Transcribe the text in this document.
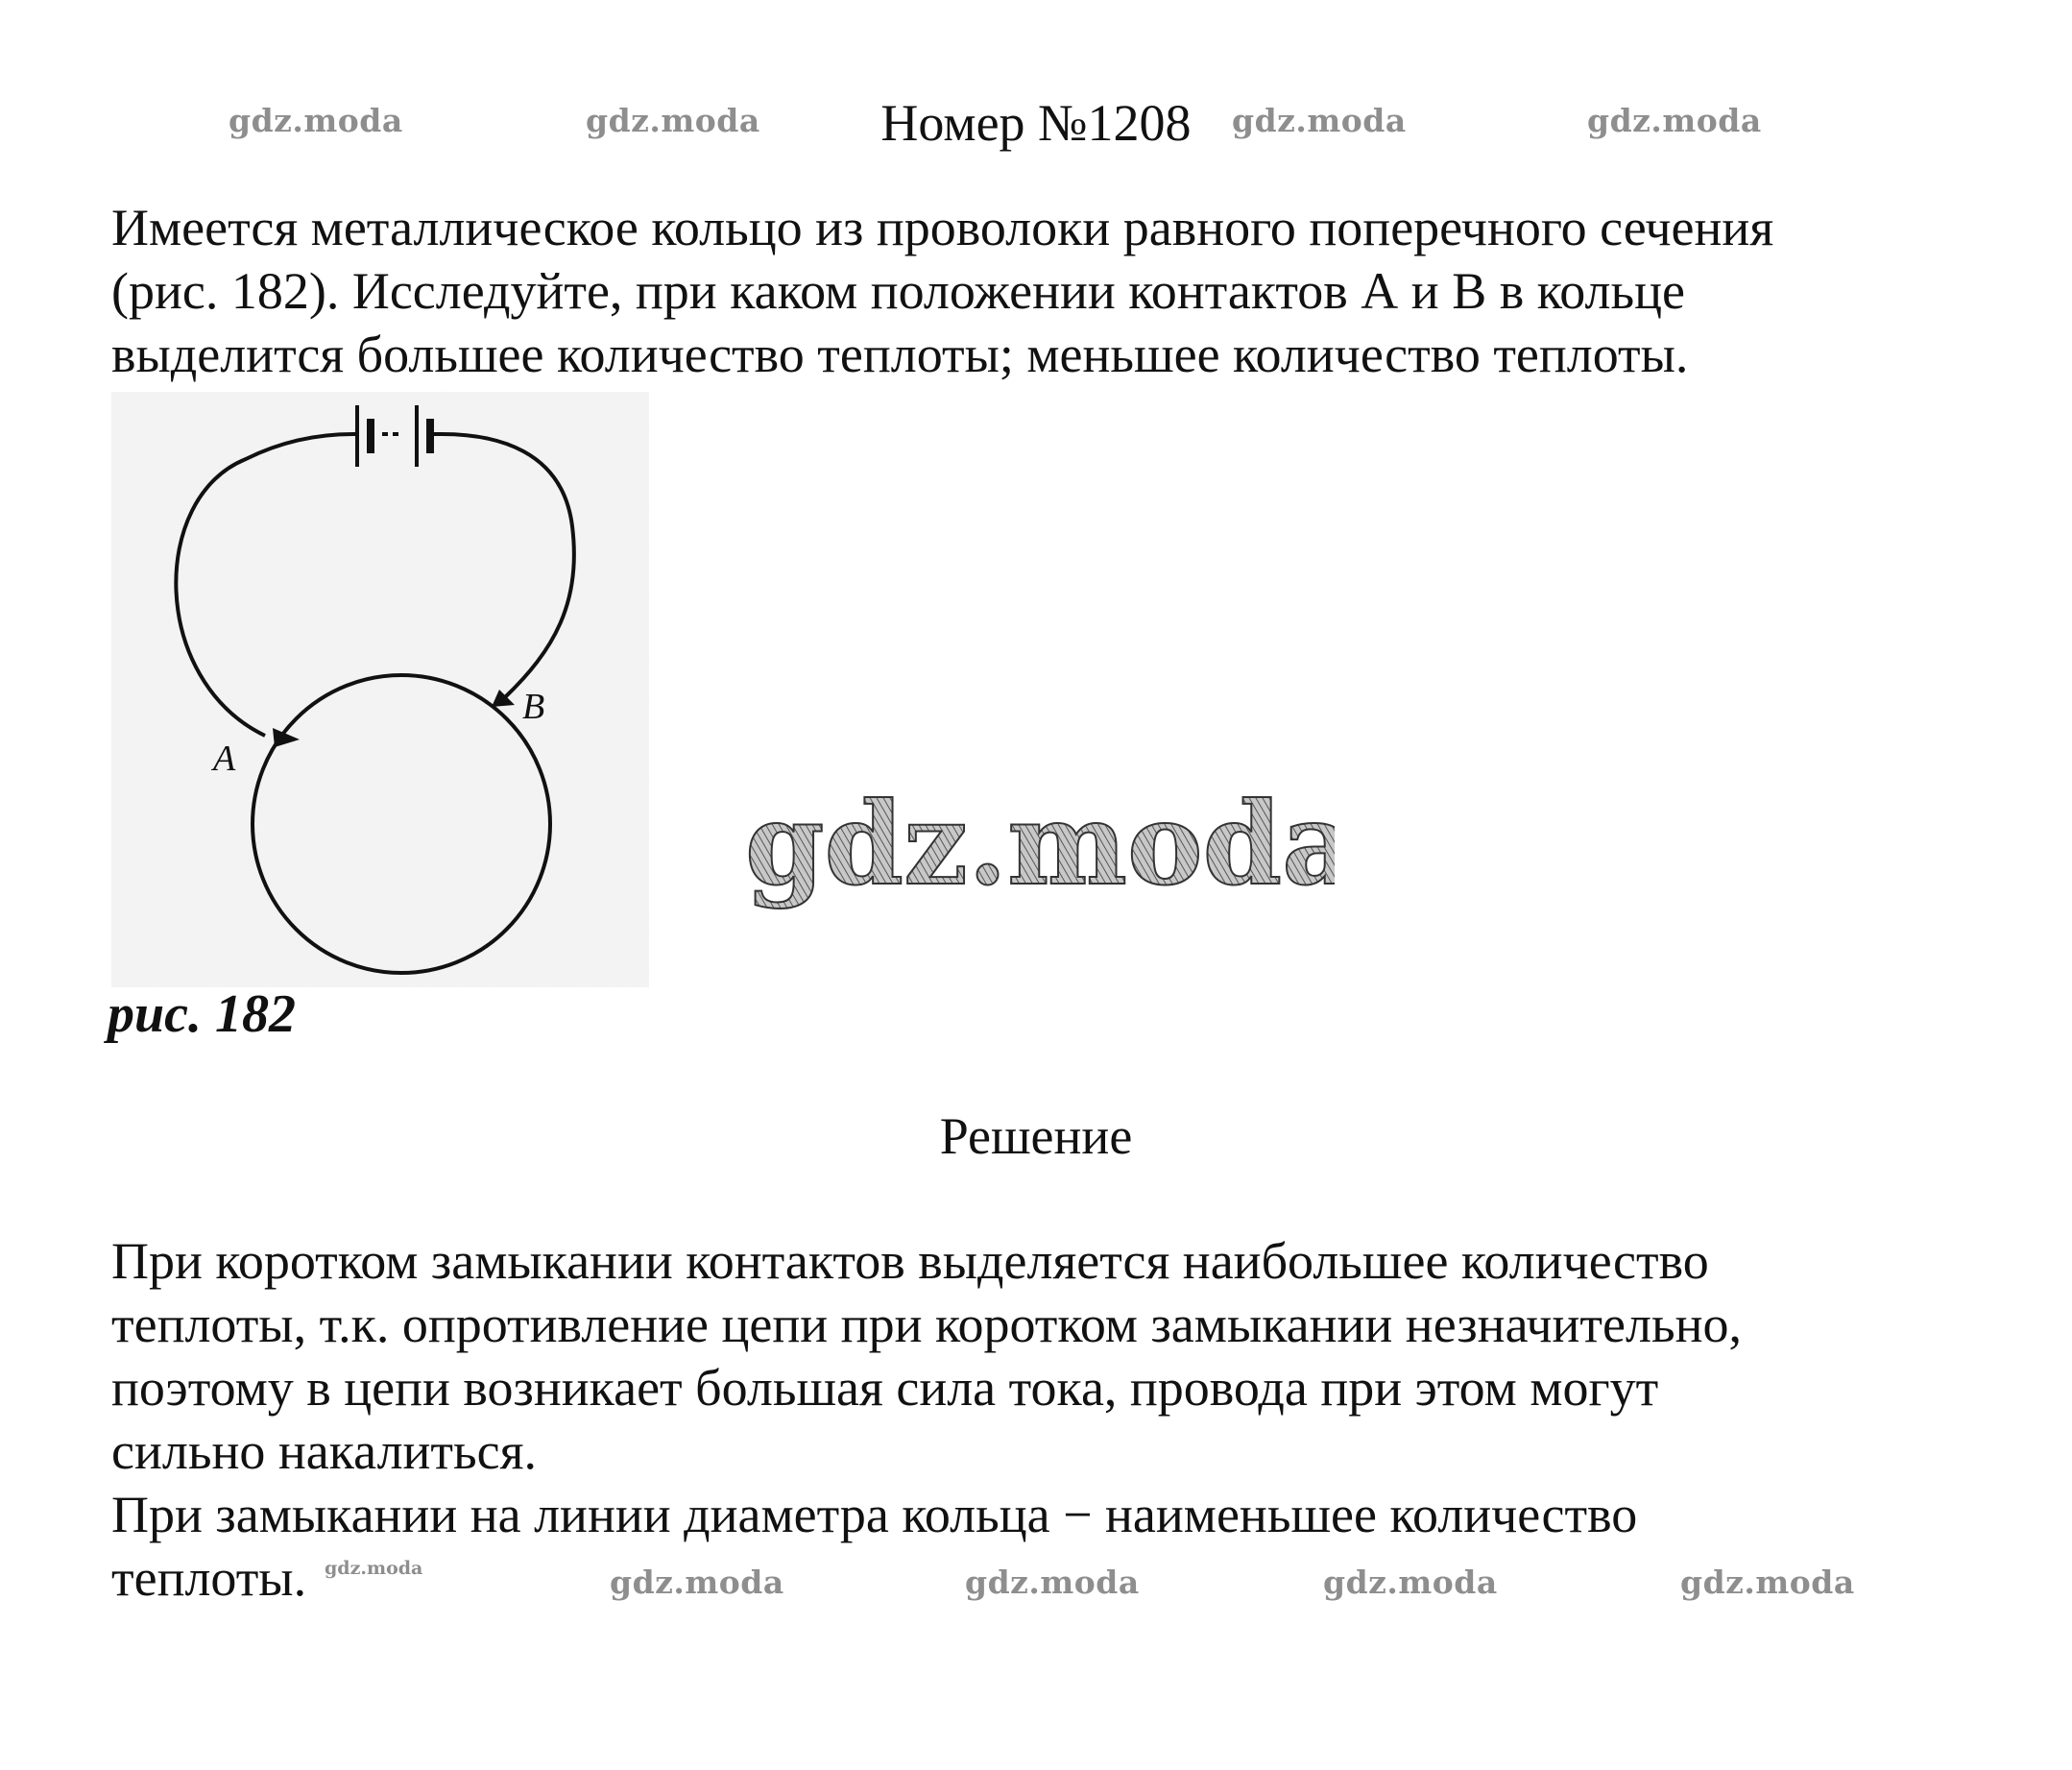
gdz.moda	gdz.moda	gdz.moda	gdz.moda
Номер №1208

Имеется металлическое кольцо из проволоки равного поперечного сечения

(рис. 182). Исследуйте, при каком положении контактов А и В в кольце

выделится большее количество теплоты; меньшее количество теплоты.

A
B
gdz.moda
рис. 182
Решение

При коротком замыкании контактов выделяется наибольшее количество

теплоты, т.к. опротивление цепи при коротком замыкании незначительно,

поэтому в цепи возникает большая сила тока, провода при этом могут

сильно накалиться.

При замыкании на линии диаметра кольца − наименьшее количество

теплоты. gdz.moda	gdz.moda	gdz.moda	gdz.moda	gdz.moda
